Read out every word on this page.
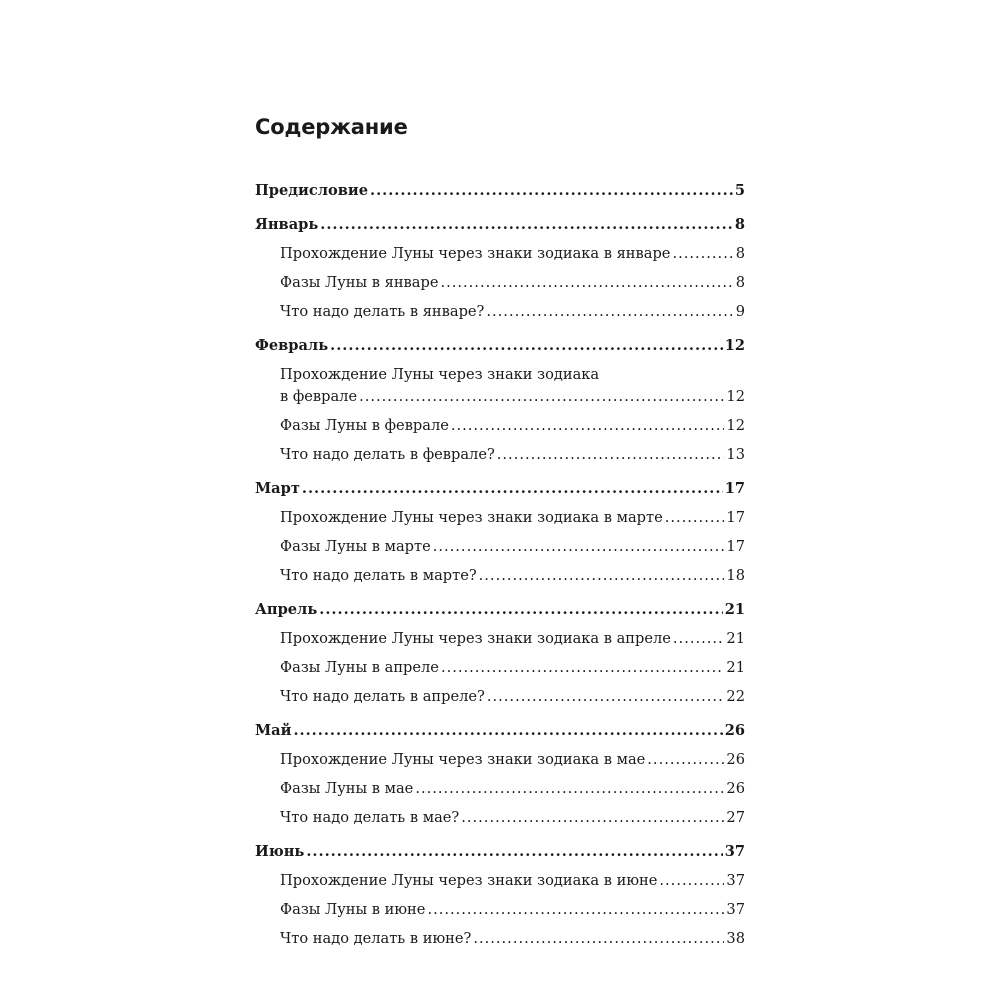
Содержание
Предисловие .....	5
Январь .....	8
Прохождение Луны через знаки зодиака в январе .....	8
Фазы Луны в январе .....	8
Что надо делать в январе? .....	9
Февраль .....	12
Прохождение Луны через знаки зодиака
в феврале .....	12
Фазы Луны в феврале .....	12
Что надо делать в феврале? .....	13
Март .....	17
Прохождение Луны через знаки зодиака в марте .....	17
Фазы Луны в марте .....	17
Что надо делать в марте? .....	18
Апрель .....	21
Прохождение Луны через знаки зодиака в апреле .....	21
Фазы Луны в апреле .....	21
Что надо делать в апреле? .....	22
Май .....	26
Прохождение Луны через знаки зодиака в мае .....	26
Фазы Луны в мае .....	26
Что надо делать в мае? .....	27
Июнь .....	37
Прохождение Луны через знаки зодиака в июне .....	37
Фазы Луны в июне .....	37
Что надо делать в июне? .....	38
